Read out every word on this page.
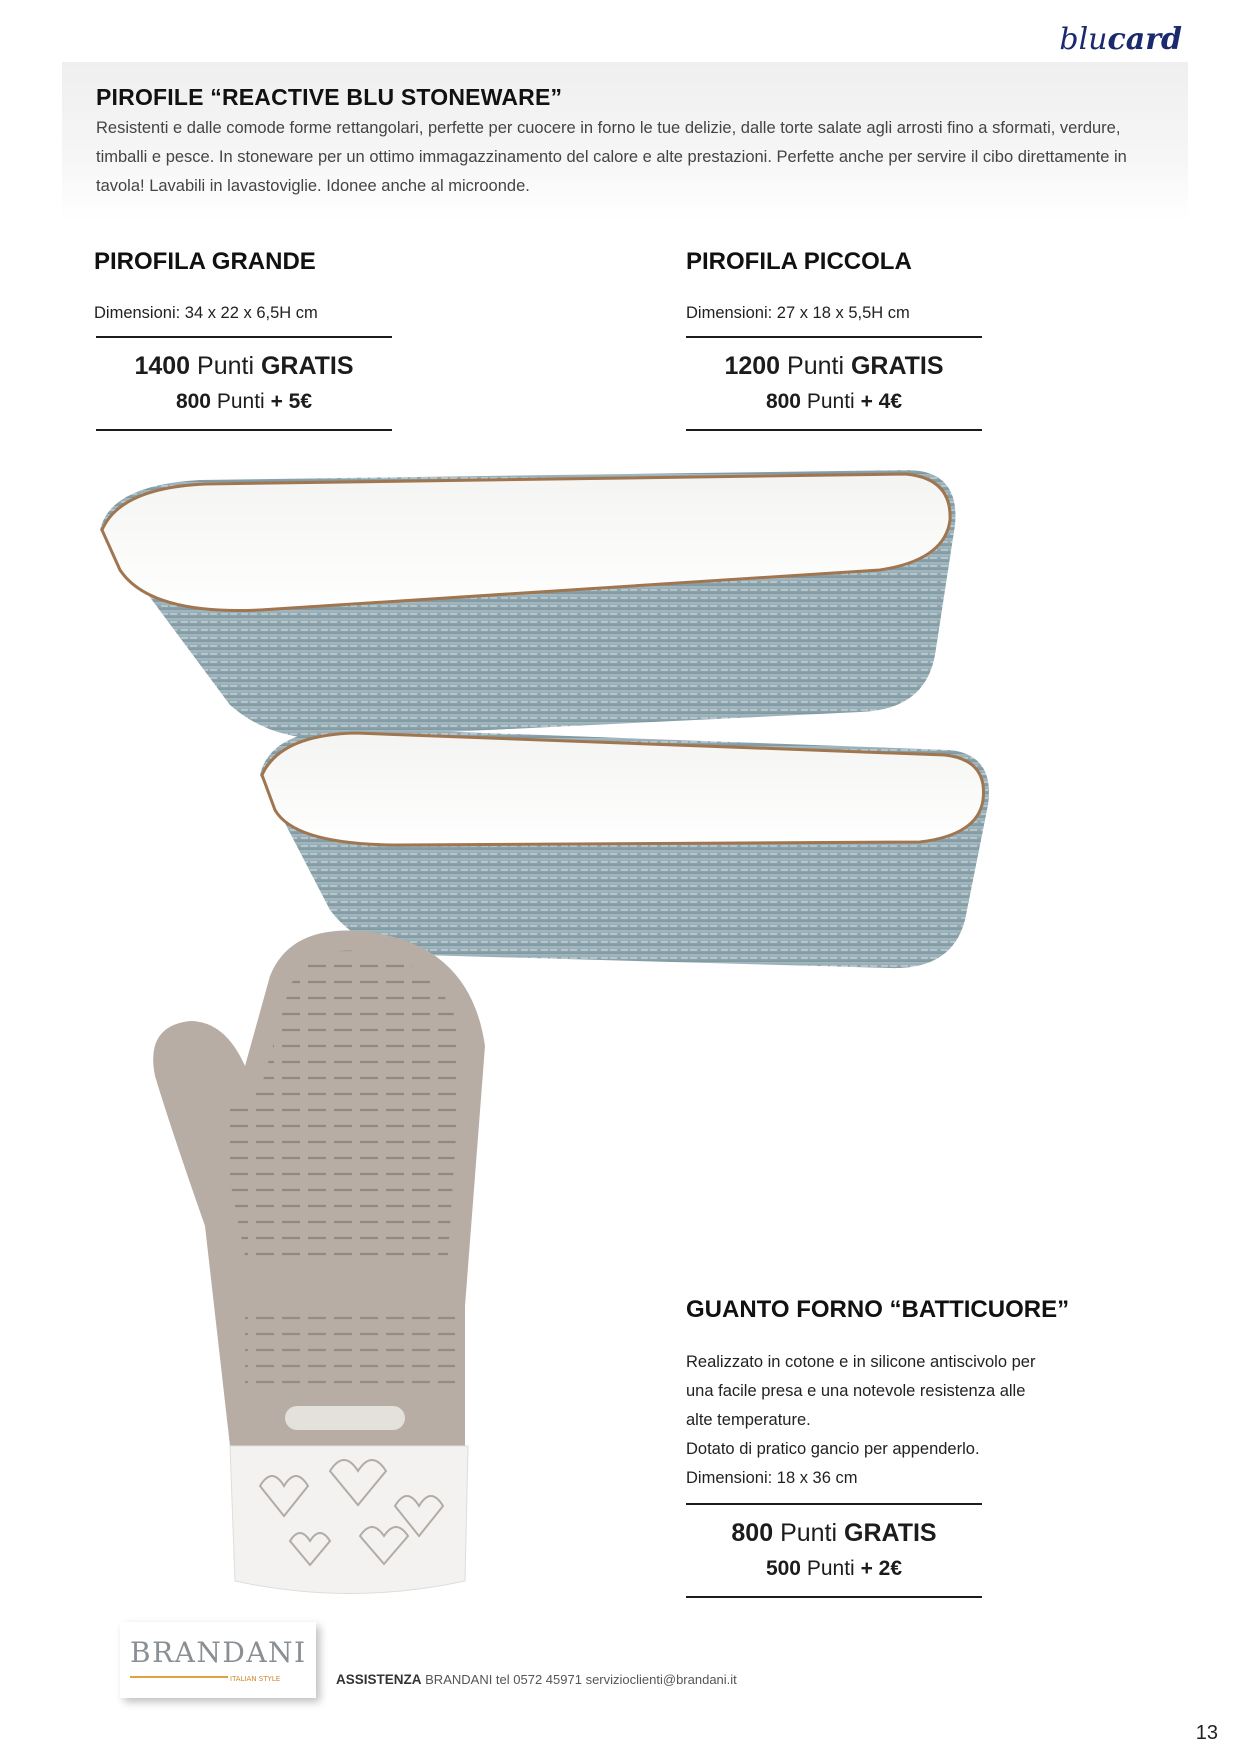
blucard
PIROFILE “REACTIVE BLU STONEWARE”
Resistenti e dalle comode forme rettangolari, perfette per cuocere in forno le tue delizie, dalle torte salate agli arrosti fino a sformati, verdure, timballi e pesce. In stoneware per un ottimo immagazzinamento del calore e alte prestazioni. Perfette anche per servire il cibo direttamente in tavola! Lavabili in lavastoviglie. Idonee anche al microonde.
PIROFILA GRANDE
Dimensioni: 34 x 22 x 6,5H cm
1400 Punti GRATIS
800 Punti + 5€
PIROFILA PICCOLA
Dimensioni: 27 x 18 x 5,5H cm
1200 Punti GRATIS
800 Punti + 4€
GUANTO FORNO “BATTICUORE”
Realizzato in cotone e in silicone antiscivolo per
una facile presa e una notevole resistenza alle
alte temperature.
Dotato di pratico gancio per appenderlo.
Dimensioni: 18 x 36 cm
800 Punti GRATIS
500 Punti + 2€
BRANDANI
ITALIAN STYLE	ASSISTENZA BRANDANI tel 0572 45971 servizioclienti@brandani.it
13
